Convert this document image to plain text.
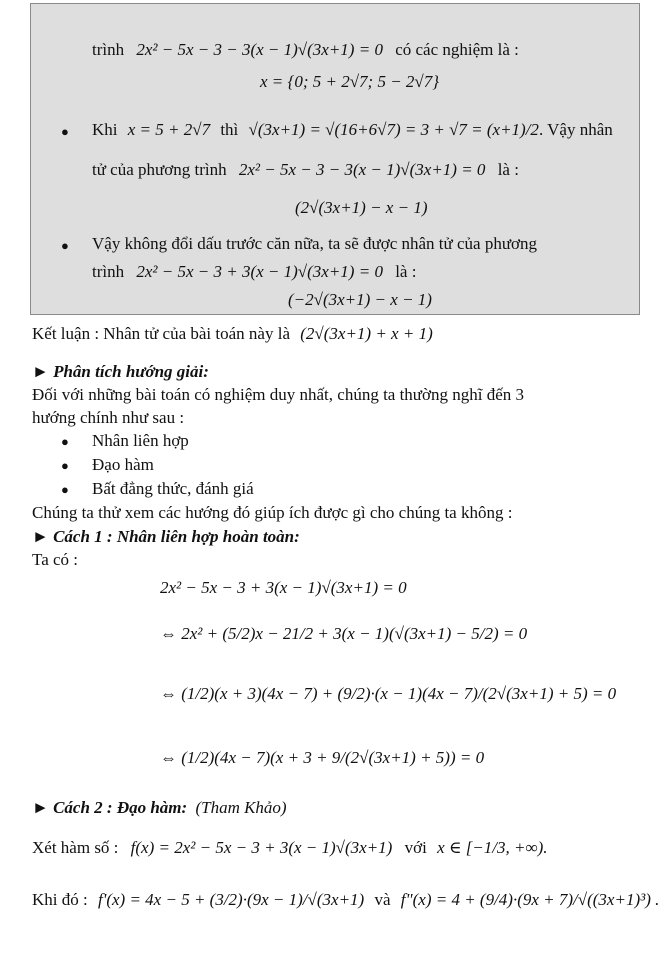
trình 2x² − 5x − 3 − 3(x − 1)√(3x+1) = 0 có các nghiệm là :
x = {0; 5 + 2√7; 5 − 2√7}
● Khi x = 5 + 2√7 thì √(3x+1) = √(16+6√7) = 3 + √7 = (x+1)/2. Vậy nhân
tử của phương trình 2x² − 5x − 3 − 3(x − 1)√(3x+1) = 0 là :
(2√(3x+1) − x − 1)
● Vậy không đổi dấu trước căn nữa, ta sẽ được nhân tử của phương
trình 2x² − 5x − 3 + 3(x − 1)√(3x+1) = 0 là :
(−2√(3x+1) − x − 1)
Kết luận : Nhân tử của bài toán này là (2√(3x+1) + x + 1)
► Phân tích hướng giải:
Đối với những bài toán có nghiệm duy nhất, chúng ta thường nghĩ đến 3
hướng chính như sau :
● Nhân liên hợp
● Đạo hàm
● Bất đẳng thức, đánh giá
Chúng ta thử xem các hướng đó giúp ích được gì cho chúng ta không :
► Cách 1 : Nhân liên hợp hoàn toàn:
Ta có :
2x² − 5x − 3 + 3(x − 1)√(3x+1) = 0
⇔ 2x² + (5/2)x − 21/2 + 3(x − 1)(√(3x+1) − 5/2) = 0
⇔ (1/2)(x + 3)(4x − 7) + (9/2)·(x − 1)(4x − 7)/(2√(3x+1) + 5) = 0
⇔ (1/2)(4x − 7)(x + 3 + 9/(2√(3x+1) + 5)) = 0
► Cách 2 : Đạo hàm: (Tham Khảo)
Xét hàm số : f(x) = 2x² − 5x − 3 + 3(x − 1)√(3x+1) với x ∈ [−1/3, +∞).
Khi đó : f'(x) = 4x − 5 + (3/2)·(9x − 1)/√(3x+1) và f"(x) = 4 + (9/4)·(9x + 7)/√((3x+1)³) .
